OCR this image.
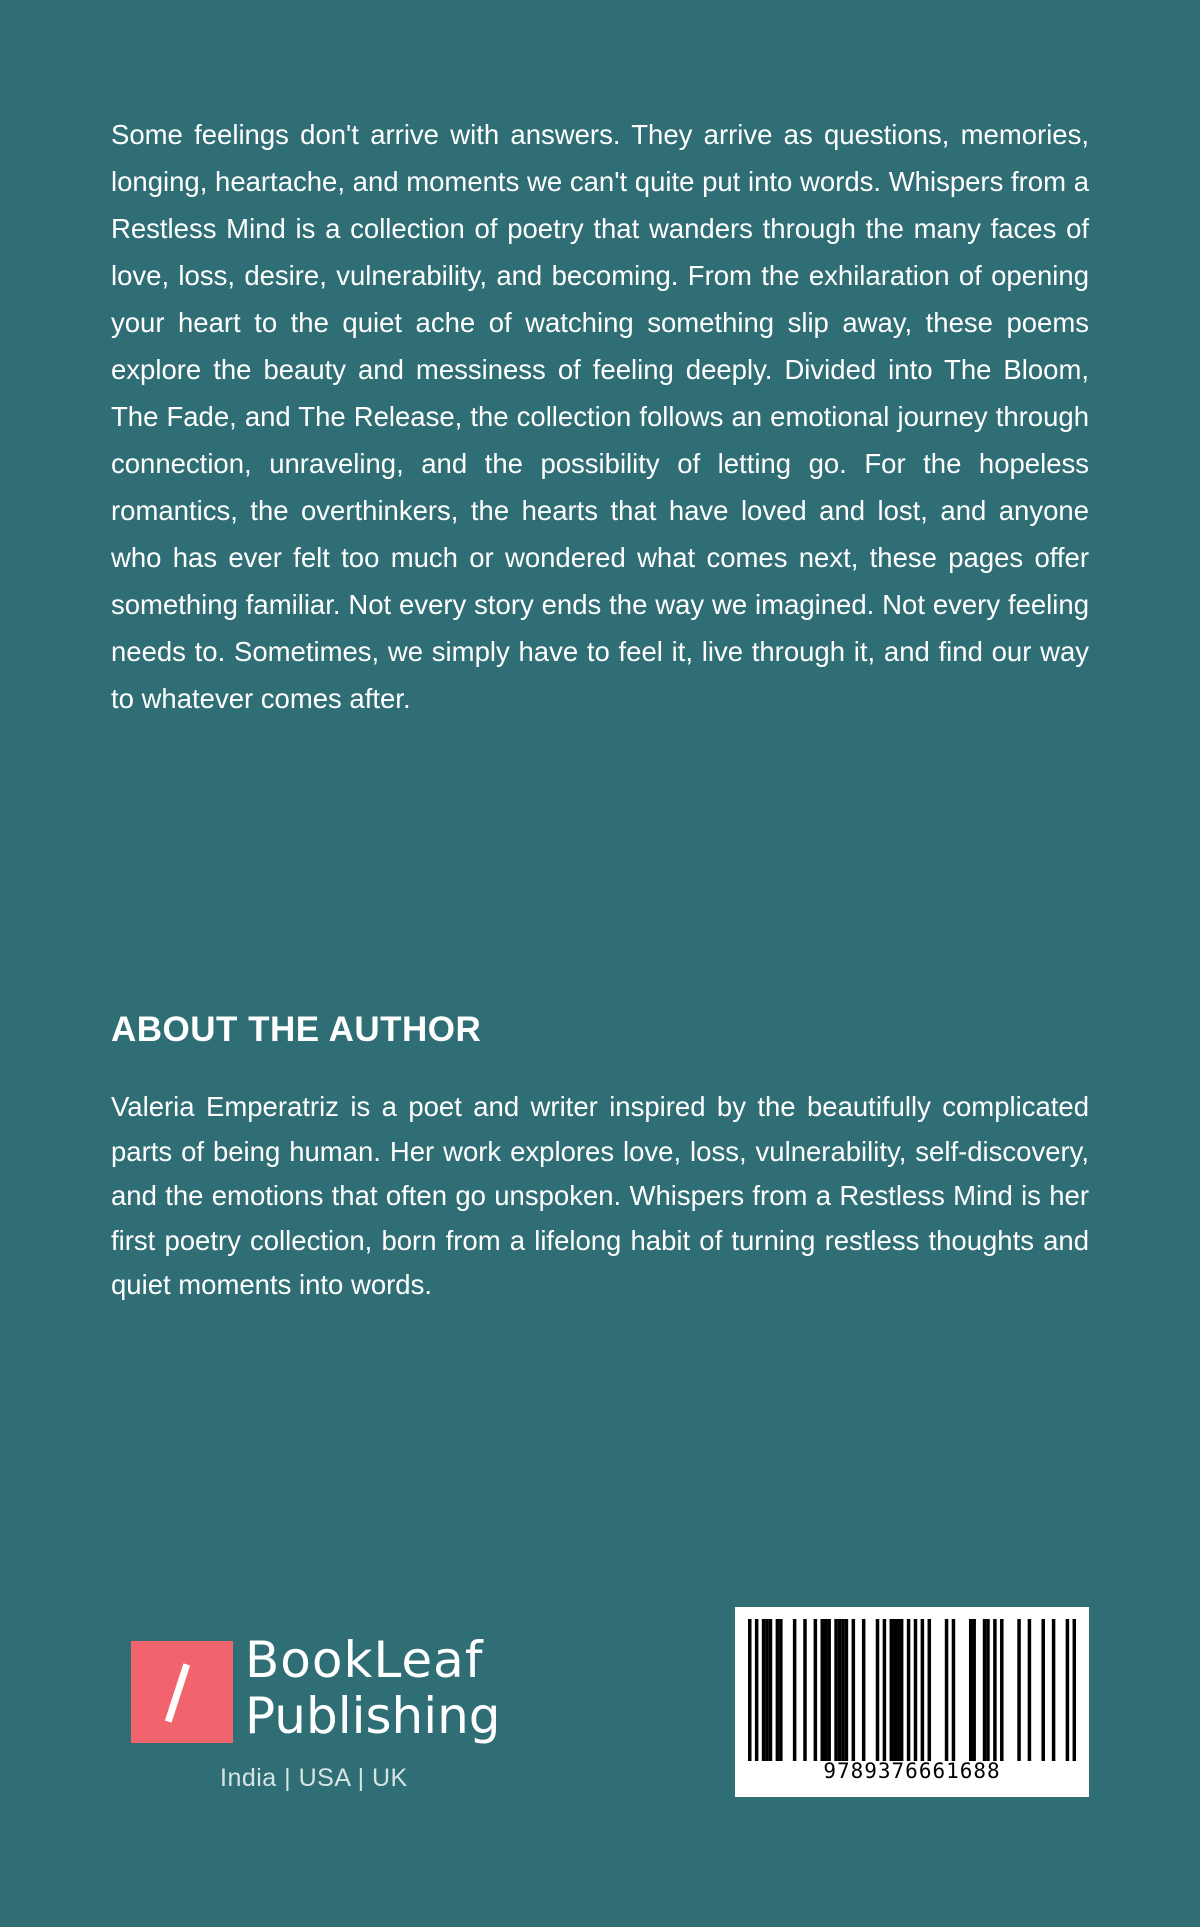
Some feelings don't arrive with answers. They arrive as questions, memories, longing, heartache, and moments we can't quite put into words. Whispers from a Restless Mind is a collection of poetry that wanders through the many faces of love, loss, desire, vulnerability, and becoming. From the exhilaration of opening your heart to the quiet ache of watching something slip away, these poems explore the beauty and messiness of feeling deeply. Divided into The Bloom, The Fade, and The Release, the collection follows an emotional journey through connection, unraveling, and the possibility of letting go. For the hopeless romantics, the overthinkers, the hearts that have loved and lost, and anyone who has ever felt too much or wondered what comes next, these pages offer something familiar. Not every story ends the way we imagined. Not every feeling needs to. Sometimes, we simply have to feel it, live through it, and find our way to whatever comes after.

ABOUT THE AUTHOR

Valeria Emperatriz is a poet and writer inspired by the beautifully complicated parts of being human. Her work explores love, loss, vulnerability, self-discovery, and the emotions that often go unspoken. Whispers from a Restless Mind is her first poetry collection, born from a lifelong habit of turning restless thoughts and quiet moments into words.

BookLeaf
Publishing
India | USA | UK	9789376661688
